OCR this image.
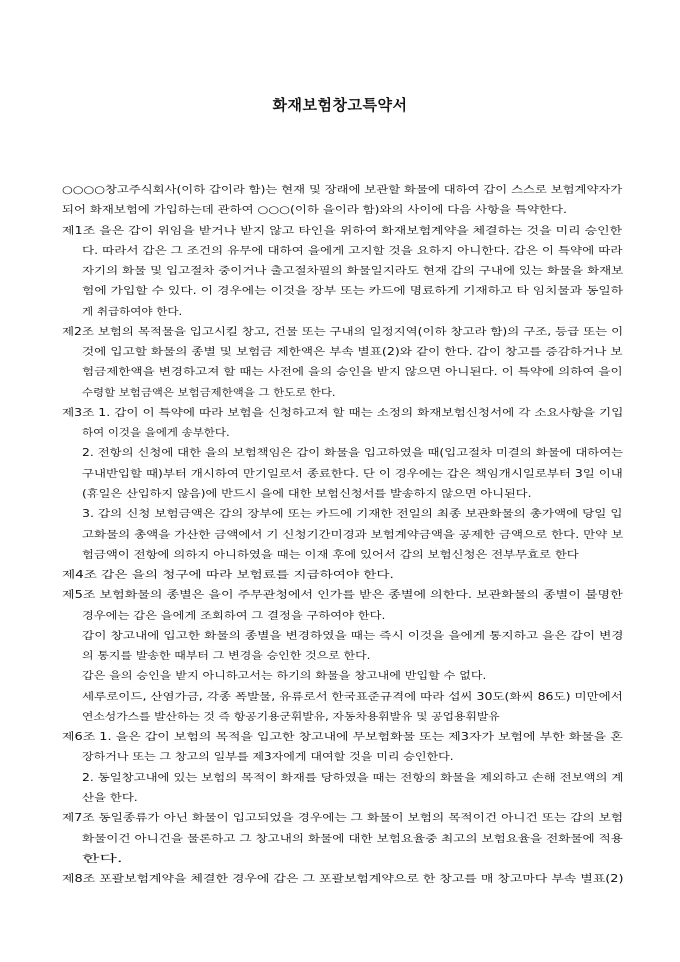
화재보험창고특약서
○○○○창고주식회사(이하 갑이라 함)는 현재 및 장래에 보관할 화물에 대하여 갑이 스스로 보험계약자가
되어 화재보험에 가입하는데 관하여 ○○○(이하 을이라 함)와의 사이에 다음 사항을 특약한다.
제1조 을은 갑이 위임을 받거나 받지 않고 타인을 위하여 화재보험계약을 체결하는 것을 미리 승인한
다. 따라서 갑은 그 조건의 유무에 대하여 을에게 고지할 것을 요하지 아니한다. 갑은 이 특약에 따라
자기의 화물 및 입고절차 중이거나 출고절차필의 화물일지라도 현재 갑의 구내에 있는 화물을 화재보
험에 가입할 수 있다. 이 경우에는 이것을 장부 또는 카드에 명료하게 기재하고 타 임치물과 동일하
게 취급하여야 한다.
제2조 보험의 목적물을 입고시킬 창고, 건물 또는 구내의 일정지역(이하 창고라 함)의 구조, 등급 또는 이
것에 입고할 화물의 종별 및 보험금 제한액은 부속 별표(2)와 같이 한다. 갑이 창고를 증감하거나 보
험금제한액을 변경하고져 할 때는 사전에 을의 승인을 받지 않으면 아니된다. 이 특약에 의하여 을이
수령할 보험금액은 보험금제한액을 그 한도로 한다.
제3조 1. 갑이 이 특약에 따라 보험을 신청하고져 할 때는 소정의 화재보험신청서에 각 소요사항을 기입
하여 이것을 을에게 송부한다.
2. 전항의 신청에 대한 을의 보험책임은 갑이 화물을 입고하였을 때(입고절차 미결의 화물에 대하여는
구내반입할 때)부터 개시하여 만기일로서 종료한다. 단 이 경우에는 갑은 책임개시일로부터 3일 이내
(휴일은 산입하지 않음)에 반드시 을에 대한 보험신청서를 발송하지 않으면 아니된다.
3. 갑의 신청 보험금액은 갑의 장부에 또는 카드에 기재한 전일의 최종 보관화물의 총가액에 당일 입
고화물의 총액을 가산한 금액에서 기 신청기간미경과 보험계약금액을 공제한 금액으로 한다. 만약 보
험금액이 전항에 의하지 아니하였을 때는 이재 후에 있어서 갑의 보험신청은 전부무효로 한다
제4조 갑은 을의 청구에 따라 보험료를 지급하여야 한다.
제5조 보험화물의 종별은 을이 주무관청에서 인가를 받은 종별에 의한다. 보관화물의 종별이 불명한
경우에는 갑은 을에게 조회하여 그 결정을 구하여야 한다.
갑이 창고내에 입고한 화물의 종별을 변경하였을 때는 즉시 이것을 을에게 통지하고 을은 갑이 변경
의 통지를 발송한 때부터 그 변경을 승인한 것으로 한다.
갑은 을의 승인을 받지 아니하고서는 하기의 화물을 창고내에 반입할 수 없다.
세루로이드, 산염가금, 각종 폭발물, 유류로서 한국표준규격에 따라 섭씨 30도(화씨 86도) 미만에서
연소성가스를 발산하는 것 즉 항공기용군휘발유, 자동차용휘발유 및 공업용휘발유
제6조 1. 을은 갑이 보험의 목적을 입고한 창고내에 무보험화물 또는 제3자가 보험에 부한 화물을 혼
장하거나 또는 그 창고의 일부를 제3자에게 대여할 것을 미리 승인한다.
2. 동일창고내에 있는 보험의 목적이 화재를 당하였을 때는 전항의 화물을 제외하고 손해 전보액의 계
산을 한다.
제7조 동일종류가 아닌 화물이 입고되었을 경우에는 그 화물이 보험의 목적이건 아니건 또는 갑의 보험
화물이건 아니건을 물론하고 그 창고내의 화물에 대한 보험요율중 최고의 보험요율을 전화물에 적용
한다.
제8조 포괄보험계약을 체결한 경우에 갑은 그 포괄보험계약으로 한 창고를 매 창고마다 부속 별표(2)
